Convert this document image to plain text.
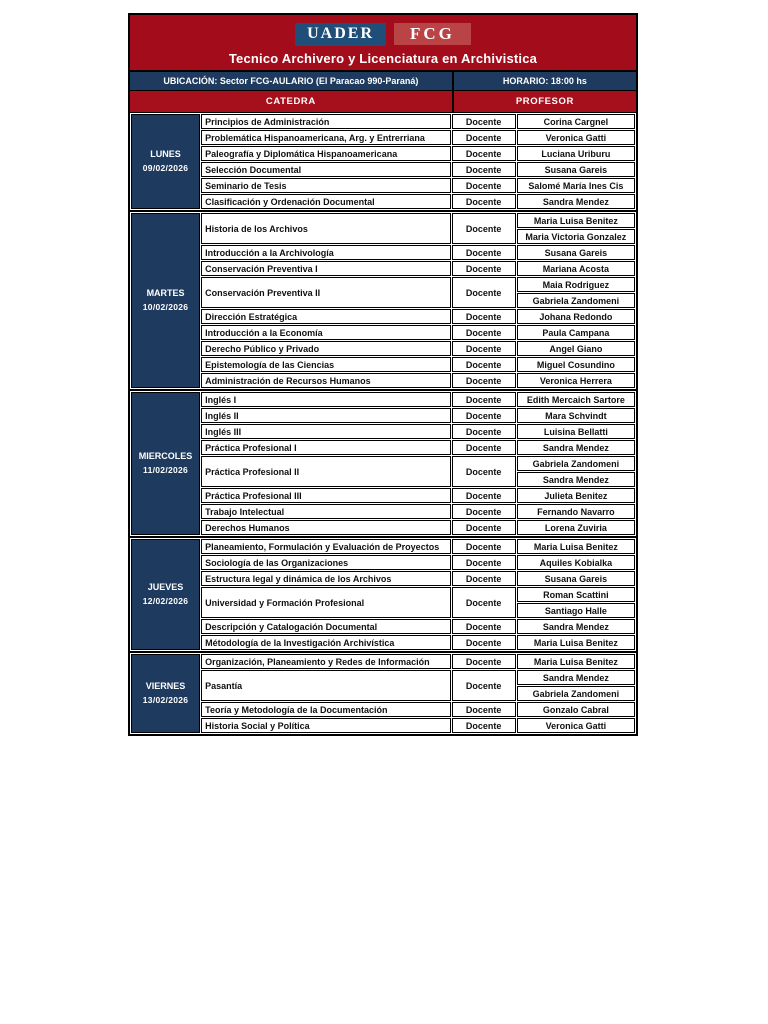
UADER	FCG
Tecnico Archivero y Licenciatura en Archivistica
UBICACIÓN: Sector FCG-AULARIO (El Paracao 990-Paraná)	HORARIO: 18:00 hs
CATEDRA	PROFESOR
LUNES
09/02/2026	Principios de Administración	Docente	Corina Cargnel
	Problemática Hispanoamericana, Arg. y Entrerriana	Docente	Veronica Gatti
	Paleografía y Diplomática Hispanoamericana	Docente	Luciana Uriburu
	Selección Documental	Docente	Susana Gareis
	Seminario de Tesis	Docente	Salomé María Ines Cis
	Clasificación y Ordenación Documental	Docente	Sandra Mendez
MARTES
10/02/2026	Historia de los Archivos	Docente	Maria Luisa Benitez
			Maria Victoria Gonzalez
	Introducción a la Archivología	Docente	Susana Gareis
	Conservación Preventiva I	Docente	Mariana Acosta
	Conservación Preventiva II	Docente	Maia Rodriguez
			Gabriela Zandomeni
	Dirección Estratégica	Docente	Johana Redondo
	Introducción a la Economía	Docente	Paula Campana
	Derecho Público y Privado	Docente	Angel Giano
	Epistemología de las Ciencias	Docente	Miguel Cosundino
	Administración de Recursos Humanos	Docente	Veronica Herrera
MIERCOLES
11/02/2026	Inglés I	Docente	Edith Mercaich Sartore
	Inglés II	Docente	Mara Schvindt
	Inglés III	Docente	Luisina Bellatti
	Práctica Profesional I	Docente	Sandra Mendez
	Práctica Profesional II	Docente	Gabriela Zandomeni
			Sandra Mendez
	Práctica Profesional III	Docente	Julieta Benitez
	Trabajo Intelectual	Docente	Fernando Navarro
	Derechos Humanos	Docente	Lorena Zuviria
JUEVES
12/02/2026	Planeamiento, Formulación y Evaluación de Proyectos	Docente	Maria Luisa Benitez
	Sociología de las Organizaciones	Docente	Aquiles Kobialka
	Estructura legal y dinámica de los Archivos	Docente	Susana Gareis
	Universidad y Formación Profesional	Docente	Roman Scattini
			Santiago Halle
	Descripción y Catalogación Documental	Docente	Sandra Mendez
	Métodología de la Investigación Archivística	Docente	Maria Luisa Benitez
VIERNES
13/02/2026	Organización, Planeamiento y Redes de Información	Docente	Maria Luisa Benitez
	Pasantía	Docente	Sandra Mendez
			Gabriela Zandomeni
	Teoría y Metodología de la Documentación	Docente	Gonzalo Cabral
	Historia Social y Política	Docente	Veronica Gatti
